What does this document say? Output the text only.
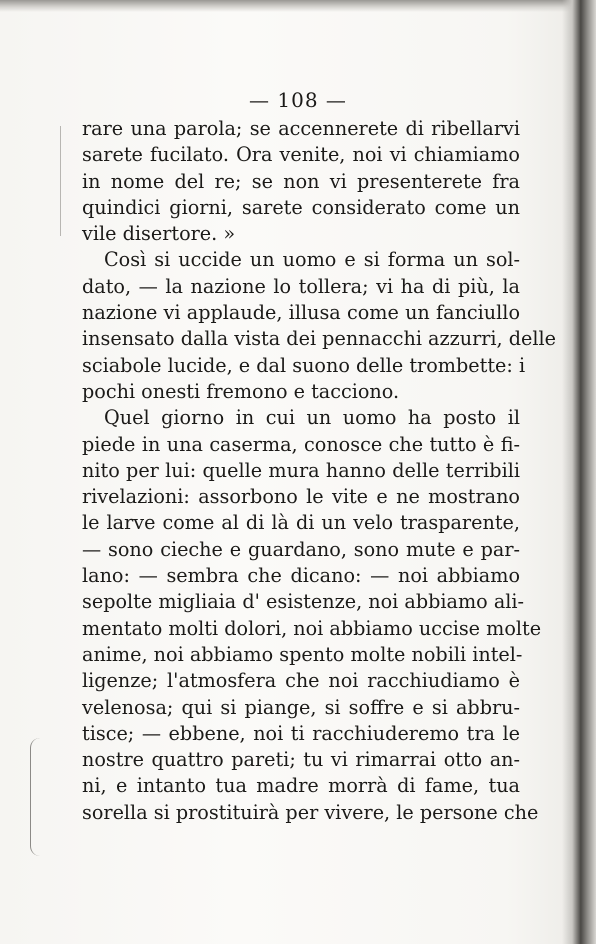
— 108 —
rare una parola; se accennerete di ribellarvi
sarete fucilato. Ora venite, noi vi chiamiamo
in nome del re; se non vi presenterete fra
quindici giorni, sarete considerato come un
vile disertore. »
Così si uccide un uomo e si forma un sol-
dato, — la nazione lo tollera; vi ha di più, la
nazione vi applaude, illusa come un fanciullo
insensato dalla vista dei pennacchi azzurri, delle
sciabole lucide, e dal suono delle trombette: i
pochi onesti fremono e tacciono.
Quel giorno in cui un uomo ha posto il
piede in una caserma, conosce che tutto è fi-
nito per lui: quelle mura hanno delle terribili
rivelazioni: assorbono le vite e ne mostrano
le larve come al di là di un velo trasparente,
— sono cieche e guardano, sono mute e par-
lano: — sembra che dicano: — noi abbiamo
sepolte migliaia d' esistenze, noi abbiamo ali-
mentato molti dolori, noi abbiamo uccise molte
anime, noi abbiamo spento molte nobili intel-
ligenze; l'atmosfera che noi racchiudiamo è
velenosa; qui si piange, si soffre e si abbru-
tisce; — ebbene, noi ti racchiuderemo tra le
nostre quattro pareti; tu vi rimarrai otto an-
ni, e intanto tua madre morrà di fame, tua
sorella si prostituirà per vivere, le persone che
